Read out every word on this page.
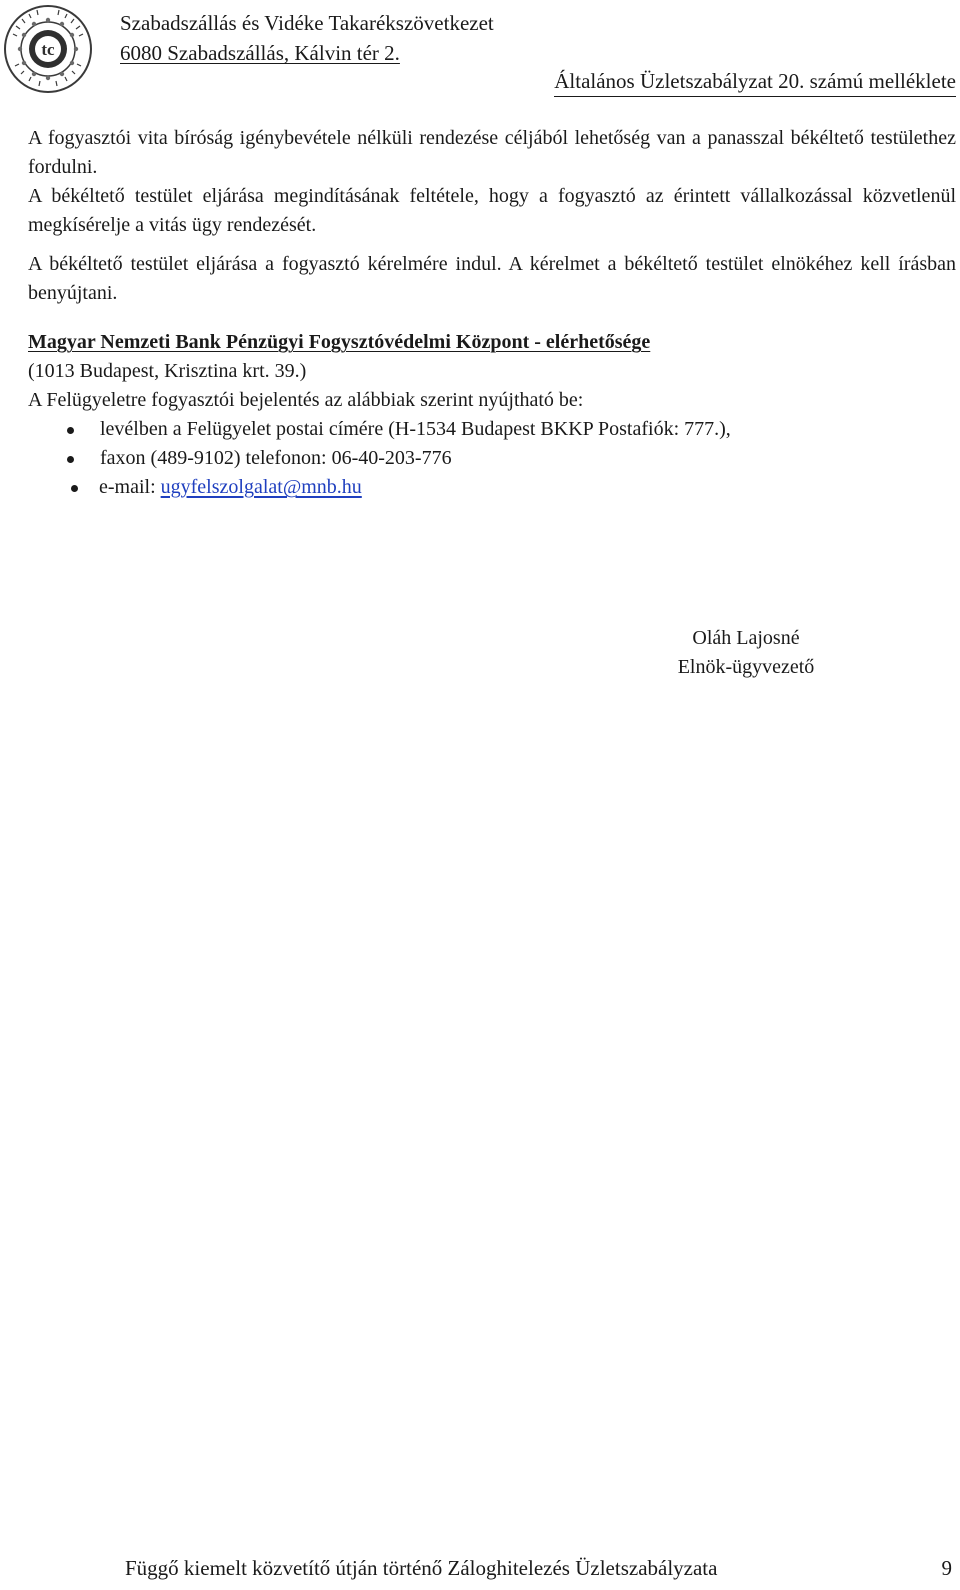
tc
Szabadszállás és Vidéke Takarékszövetkezet
6080 Szabadszállás, Kálvin tér 2.
Általános Üzletszabályzat 20. számú melléklete

A fogyasztói vita bíróság igénybevétele nélküli rendezése céljából lehetőség van a panasszal békéltető testülethez fordulni.

A békéltető testület eljárása megindításának feltétele, hogy a fogyasztó az érintett vállalkozással közvetlenül megkísérelje a vitás ügy rendezését.

A békéltető testület eljárása a fogyasztó kérelmére indul. A kérelmet a békéltető testület elnökéhez kell írásban benyújtani.

Magyar Nemzeti Bank Pénzügyi Fogysztóvédelmi Központ - elérhetősége
(1013 Budapest, Krisztina krt. 39.)
A Felügyeletre fogyasztói bejelentés az alábbiak szerint nyújtható be:
levélben a Felügyelet postai címére (H-1534 Budapest BKKP Postafiók: 777.),
faxon (489-9102) telefonon: 06-40-203-776
e-mail: ugyfelszolgalat@mnb.hu
Oláh Lajosné
Elnök-ügyvezető
Függő kiemelt közvetítő útján történő Záloghitelezés Üzletszabályzata	9
